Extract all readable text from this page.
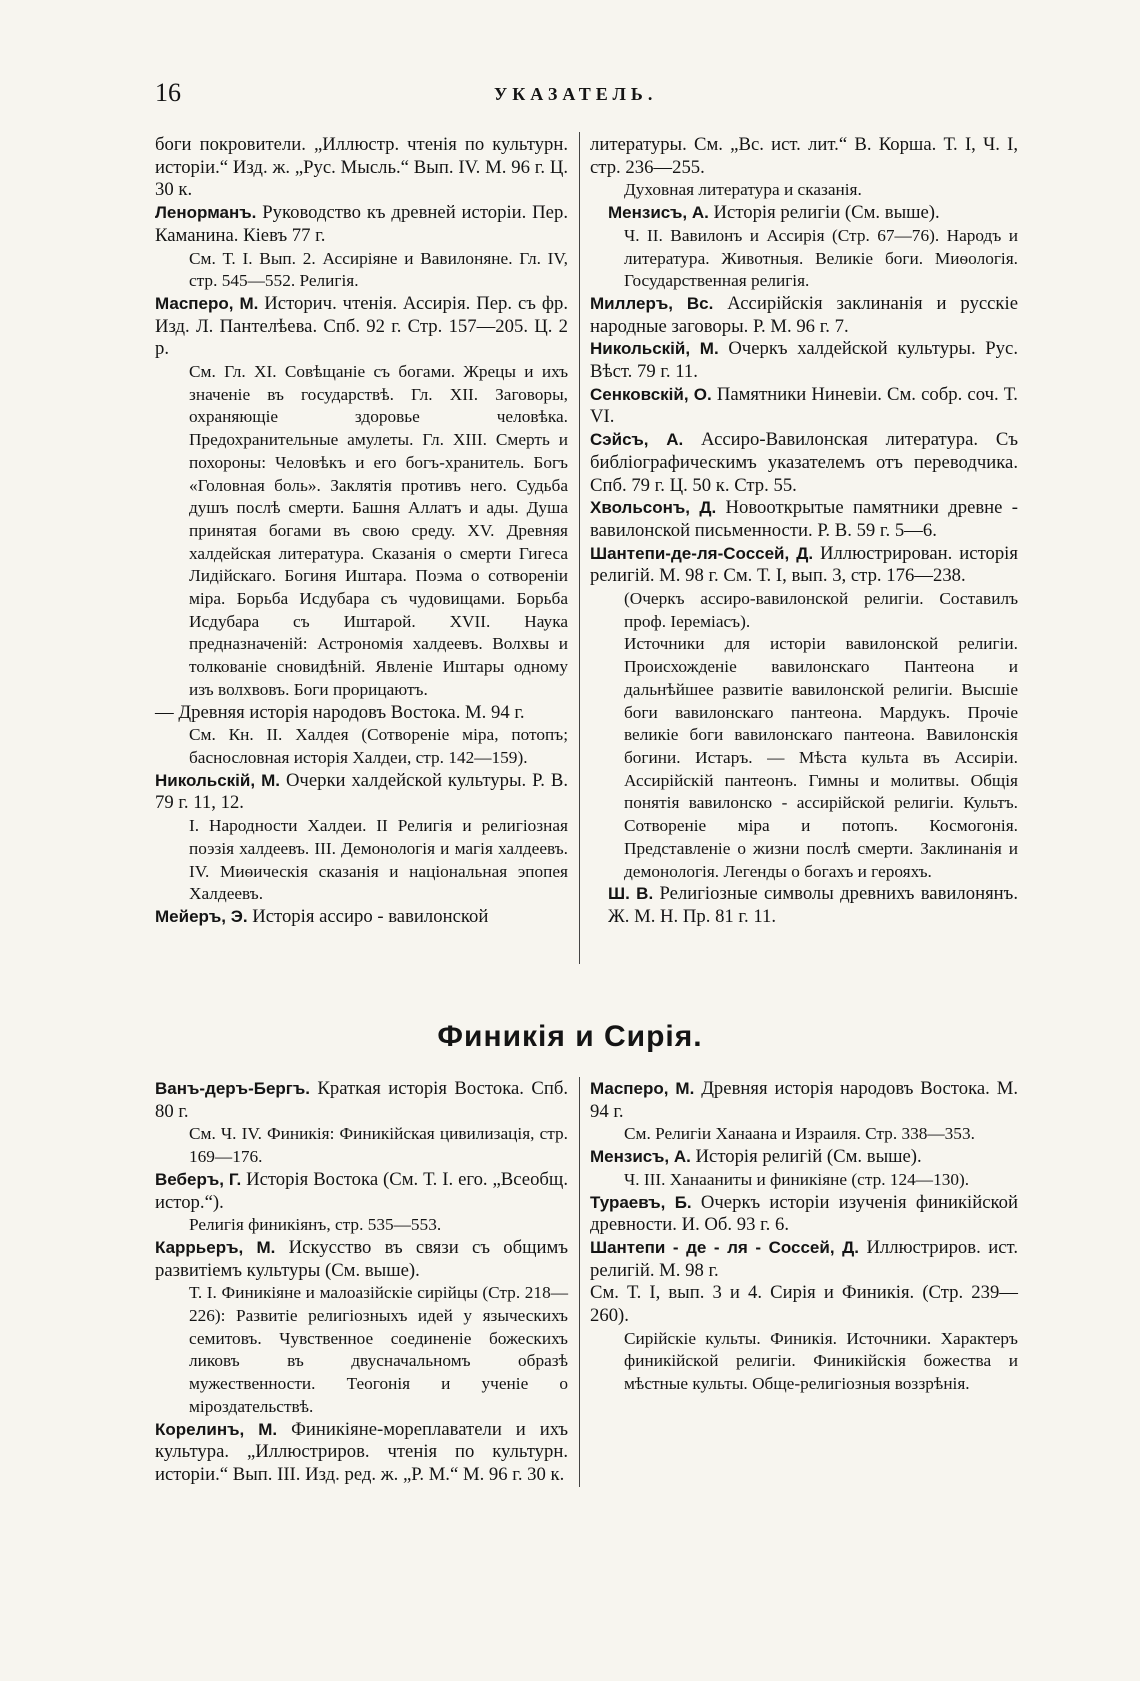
16	УКАЗАТЕЛЬ.

боги покровители. „Иллюстр. чтенія по культурн. исторіи.“ Изд. ж. „Рус. Мысль.“ Вып. IV. М. 96 г. Ц. 30 к.

Ленорманъ. Руководство къ древней исторіи. Пер. Каманина. Кіевъ 77 г.

См. Т. I. Вып. 2. Ассиріяне и Вавилоняне. Гл. IV, стр. 545—552. Религія.

Масперо, М. Историч. чтенія. Ассирія. Пер. съ фр. Изд. Л. Пантелѣева. Спб. 92 г. Стр. 157—205. Ц. 2 р.

См. Гл. XI. Совѣщаніе съ богами. Жрецы и ихъ значеніе въ государствѣ. Гл. XII. Заговоры, охраняющіе здоровье человѣка. Предохранительные амулеты. Гл. XIII. Смерть и похороны: Человѣкъ и его богъ-хранитель. Богъ «Головная боль». Заклятія противъ него. Судьба душъ послѣ смерти. Башня Аллатъ и ады. Душа принятая богами въ свою среду. XV. Древняя халдейская литература. Сказанія о смерти Гигеса Лидійскаго. Богиня Иштара. Поэма о сотвореніи міра. Борьба Исдубара съ чудовищами. Борьба Исдубара съ Иштарой. XVII. Наука предназначеній: Астрономія халдеевъ. Волхвы и толкованіе сновидѣній. Явленіе Иштары одному изъ волхвовъ. Боги прорицаютъ.

— Древняя исторія народовъ Востока. М. 94 г.

См. Кн. II. Халдея (Сотвореніе міра, потопъ; баснословная исторія Халдеи, стр. 142—159).

Никольскій, М. Очерки халдейской культуры. Р. В. 79 г. 11, 12.

I. Народности Халдеи. II Религія и религіозная поэзія халдеевъ. III. Демонологія и магія халдеевъ. IV. Миѳическія сказанія и національная эпопея Халдеевъ.

Мейеръ, Э. Исторія ассиро - вавилонской

литературы. См. „Вс. ист. лит.“ В. Корша. Т. I, Ч. I, стр. 236—255.

Духовная литература и сказанія.

Мензисъ, А. Исторія религіи (См. выше).

Ч. II. Вавилонъ и Ассирія (Стр. 67—76). Народъ и литература. Животныя. Великіе боги. Миѳологія. Государственная религія.

Миллеръ, Вс. Ассирійскія заклинанія и русскіе народные заговоры. Р. М. 96 г. 7.

Никольскій, М. Очеркъ халдейской культуры. Рус. Вѣст. 79 г. 11.

Сенковскій, О. Памятники Ниневіи. См. собр. соч. Т. VI.

Сэйсъ, А. Ассиро-Вавилонская литература. Съ библіографическимъ указателемъ отъ переводчика. Спб. 79 г. Ц. 50 к. Стр. 55.

Хвольсонъ, Д. Новооткрытые памятники древне - вавилонской письменности. Р. В. 59 г. 5—6.

Шантепи-де-ля-Соссей, Д. Иллюстрирован. исторія религій. М. 98 г. См. Т. I, вып. 3, стр. 176—238.

(Очеркъ ассиро-вавилонской религіи. Составилъ проф. Іереміасъ).

Источники для исторіи вавилонской религіи. Происхожденіе вавилонскаго Пантеона и дальнѣйшее развитіе вавилонской религіи. Высшіе боги вавилонскаго пантеона. Мардукъ. Прочіе великіе боги вавилонскаго пантеона. Вавилонскія богини. Истаръ. — Мѣста культа въ Ассиріи. Ассирійскій пантеонъ. Гимны и молитвы. Общія понятія вавилонско - ассирійской религіи. Культъ. Сотвореніе міра и потопъ. Космогонія. Представленіе о жизни послѣ смерти. Заклинанія и демонологія. Легенды о богахъ и герояхъ.

Ш. В. Религіозные символы древнихъ вавилонянъ. Ж. М. Н. Пр. 81 г. 11.

Финикія и Сирія.

Ванъ-деръ-Бергъ. Краткая исторія Востока. Спб. 80 г.

См. Ч. IV. Финикія: Финикійская цивилизація, стр. 169—176.

Веберъ, Г. Исторія Востока (См. Т. I. его. „Всеобщ. истор.“).

Религія финикіянъ, стр. 535—553.

Каррьеръ, М. Искусство въ связи съ общимъ развитіемъ культуры (См. выше).

Т. I. Финикіяне и малоазійскіе сирійцы (Стр. 218—226): Развитіе религіозныхъ идей у языческихъ семитовъ. Чувственное соединеніе божескихъ ликовъ въ двусначальномъ образѣ мужественности. Теогонія и ученіе о міроздательствѣ.

Корелинъ, М. Финикіяне-мореплаватели и ихъ культура. „Иллюстриров. чтенія по культурн. исторіи.“ Вып. III. Изд. ред. ж. „Р. М.“ М. 96 г. 30 к.

Масперо, М. Древняя исторія народовъ Востока. М. 94 г.

См. Религіи Ханаана и Израиля. Стр. 338—353.

Мензисъ, А. Исторія религій (См. выше).

Ч. III. Ханааниты и финикіяне (стр. 124—130).

Тураевъ, Б. Очеркъ исторіи изученія финикійской древности. И. Об. 93 г. 6.

Шантепи - де - ля - Соссей, Д. Иллюстриров. ист. религій. М. 98 г.

См. Т. I, вып. 3 и 4. Сирія и Финикія. (Стр. 239—260).

Сирійскіе культы. Финикія. Источники. Характеръ финикійской религіи. Финикійскія божества и мѣстные культы. Обще-религіозныя воззрѣнія.
